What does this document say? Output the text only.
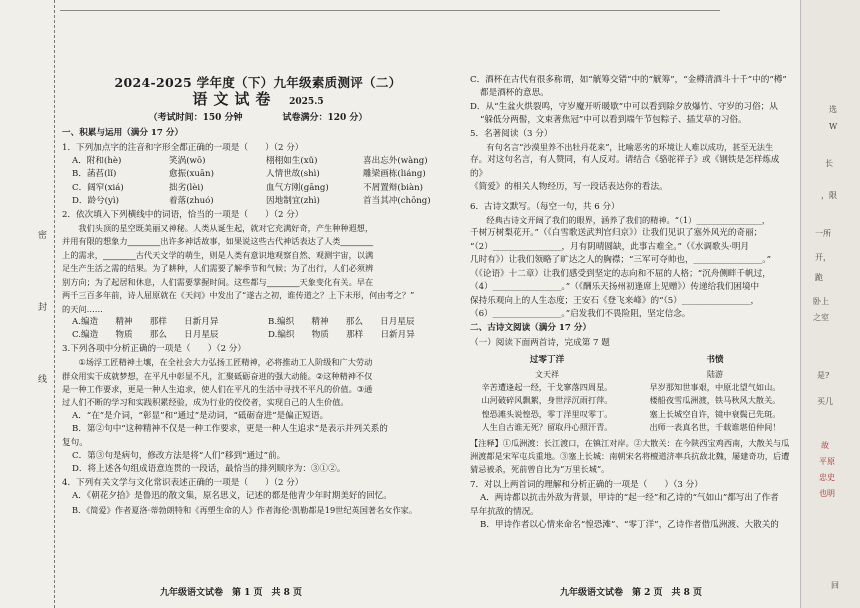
密
封
线
2024-2025 学年度（下）九年级素质测评（二）
语文试卷 2025.5
（考试时间：150 分钟	试卷满分：120 分）

一、积累与运用（满分 17 分）

1．下列加点字的注音和字形全都正确的一项是（　　）（2 分）

A．附和(hè)	笑涡(wō)	栩栩如生(xǔ)	喜出忘外(wàng)
B．菡萏(lǐ)	愈振(xuān)	人情世故(shì)	雕梁画栋(liáng)
C．阔窄(xiá)	拙劣(lèi)	血气方刚(gāng)	不屑置辩(biàn)
D．龄兮(yì)	着落(zhuó)	因地制宜(zhì)	首当其冲(chōng)

2．依次填入下列横线中的词语，恰当的一项是（　　）（2 分）

我们头顶的星空既美丽又神秘。人类从诞生起，就对它充满好奇，产生种种遐想，

并用有限的想象力________出许多神话故事，如果说这些古代神话表达了人类________

上的需求，________古代天文学的萌生，则是人类有意识地观察自然、观测宇宙，以满

足生产生活之需的结果。为了耕种，人们需要了解季节和气候；为了出行，人们必须辨

别方向；为了起居和休息，人们需要掌握时间。这些都与________天象变化有关。早在

两千三百多年前，诗人屈原就在《天问》中发出了“遂古之初，谁传道之？上下未形，何由考之？”

的天问……

A.编造　　精神　　那样　　日新月异	B.编织　　精神　　那么　　日月星辰
C.编造　　物质　　那么　　日月星辰	D.编织　　物质　　那样　　日新月异

3.下列各项中分析正确的一项是（　　）（2 分）

①场浮工匠精神土壤，在全社会大力弘扬工匠精神，必将推动工人阶级和广大劳动

群众用实干成就梦想，在平凡中彰显不凡，汇聚砥砺奋进的强大动能。②这种精神不仅

是一种工作要求，更是一种人生追求，使人们在平凡的生活中寻找不平凡的价值。③通

过人们不断的学习和实践积累经验，成为行业的佼佼者，实现自己的人生价值。

A．“在”是介词，“彰显”和“通过”是动词，“砥砺奋进”是偏正短语。

B．第②句中“这种精神不仅是一种工作要求，更是一种人生追求”是表示并列关系的

复句。

C．第③句是病句，修改方法是将“人们”移到“通过”前。

D．将上述各句组成语意连贯的一段话，最恰当的排列顺序为：③①②。

4．下列有关文学与文化常识表述正确的一项是（　　）（2 分）

A．《朝花夕拾》是鲁迅的散文集，原名思义，记述的都是他青少年时期美好的回忆。

B．《简爱》作者夏洛·蒂勃朗特和《再塑生命的人》作者海伦·凯勒都是19世纪英国著名女作家。

九年级语文试卷　第 1 页　共 8 页

C．酒杯在古代有很多称谓，如“觥筹交错”中的“觥筹”，“金樽清酒斗十千”中的“樽”

都是酒杯的意思。

D．从“生盆火烘裂鸣，守岁魔开听暖歇”中可以看到除夕放爆竹、守岁的习俗；从

“躲低分两髻，文束著焦冠”中可以看到端午节包粽子、插艾草的习俗。

5．名著阅读（3 分）

有句名言“沙漠里养不出牡丹花来”，比喻恶劣的环境让人难以成功，甚至无法生

存。对这句名言，有人赞同，有人反对。请结合《骆驼祥子》或《钢铁是怎样炼成的》

《简爱》的相关人物经历，写一段话表达你的看法。

6．古诗文默写。（每空一句，共 6 分）

经典古诗文开阔了我们的眼界，涵养了我们的精神。“（1）________________，

千树万树梨花开。”（《白雪歌送武判官归京》）让我们见识了塞外风光的奇丽；

“（2）________________，月有阴晴圆缺，此事古难全。”（《水调歌头·明月

几时有》）让我们领略了旷达之人的胸襟；“三军可夺帅也，________________。”

（《论语》十二章）让我们感受到坚定的志向和不屈的人格；“沉舟侧畔千帆过，

（4）________________。”（《酬乐天扬州初逢席上见赠》）传递给我们困境中

保持乐观向上的人生态度；王安石《登飞来峰》的“（5）________________，

（6）________________。”启发我们不畏险阻，坚定信念。

二、古诗文阅读（满分 17 分）

（一）阅读下面两首诗，完成第 7 题

过零丁洋
文天祥

辛苦遭逢起一经，干戈寥落四周星。

山河破碎风飘絮，身世浮沉雨打萍。

惶恐滩头说惶恐，零丁洋里叹零丁。

人生自古谁无死？留取丹心照汗青。

书愤
陆游

早岁那知世事艰，中原北望气如山。

楼船夜雪瓜洲渡，铁马秋风大散关。

塞上长城空自许，镜中衰鬓已先斑。

出师一表真名世，千载谁堪伯仲间！

【注释】①瓜洲渡：长江渡口，在镇江对岸。②大散关：在今陕西宝鸡西南，大散关与瓜洲渡都是宋军屯兵重地。③塞上长城：南朝宋名将檀道济率兵抗敌北魏，屡建奇功，后遭猜忌被杀，死前曾自比为“万里长城”。

7．对以上两首词的理解和分析正确的一项是（　　）（3 分）

A．两诗都以抗击外敌为背景，甲诗的“起一经”和乙诗的“气如山”都写出了作者

早年抗敌的情况。

B．甲诗作者以心情来命名“惶恐滩”、“零丁洋”，乙诗作者借瓜洲渡、大散关的

九年级语文试卷　第 2 页　共 8 页
选
W
长
，限
一所
开，
跪
卧上
之室
是?
买几
故
平原
忠史
也明
回
